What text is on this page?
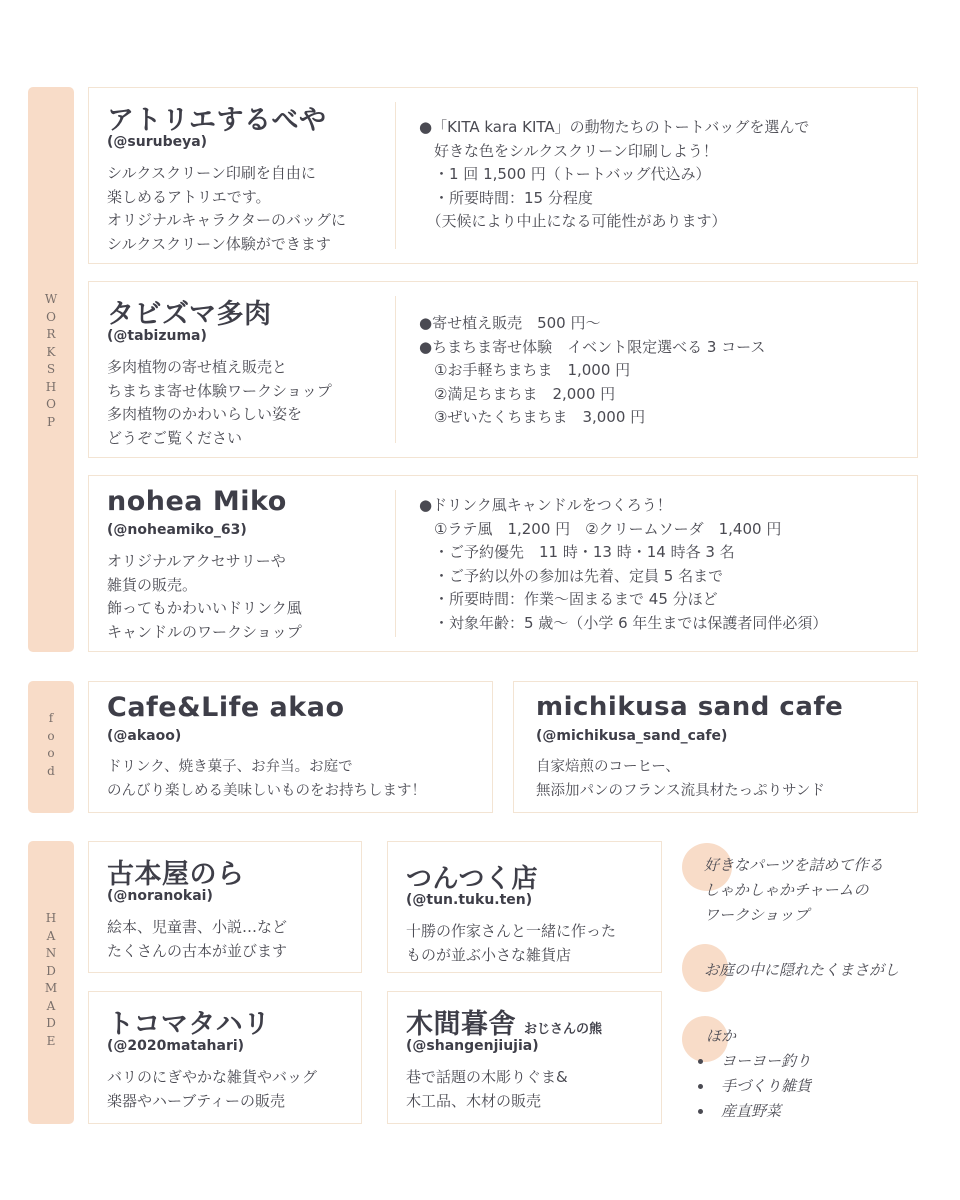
W
O
R
K
S
H
O
P
f
o
o
d
H
A
N
D
M
A
D
E
アトリエするべや
(@surubeya)
シルクスクリーン印刷を自由に
楽しめるアトリエです。
オリジナルキャラクターのバッグに
シルクスクリーン体験ができます
●「KITA kara KITA」の動物たちのトートバッグを選んで
　好きな色をシルクスクリーン印刷しよう！
　・1 回 1,500 円（トートバッグ代込み）
　・所要時間：15 分程度
　（天候により中止になる可能性があります）
タビズマ多肉
(@tabizuma)
多肉植物の寄せ植え販売と
ちまちま寄せ体験ワークショップ
多肉植物のかわいらしい姿を
どうぞご覧ください
●寄せ植え販売　500 円〜
●ちまちま寄せ体験　イベント限定選べる 3 コース
　①お手軽ちまちま　1,000 円
　②満足ちまちま　2,000 円
　③ぜいたくちまちま　3,000 円
nohea Miko
(@noheamiko_63)
オリジナルアクセサリーや
雑貨の販売。
飾ってもかわいいドリンク風
キャンドルのワークショップ
●ドリンク風キャンドルをつくろう！
　①ラテ風　1,200 円　②クリームソーダ　1,400 円
　・ご予約優先　11 時・13 時・14 時各 3 名
　・ご予約以外の参加は先着、定員 5 名まで
　・所要時間：作業〜固まるまで 45 分ほど
　・対象年齢：5 歳〜（小学 6 年生までは保護者同伴必須）
Cafe&Life akao
(@akaoo)
ドリンク、焼き菓子、お弁当。お庭で
のんびり楽しめる美味しいものをお持ちします！
michikusa sand cafe
(@michikusa_sand_cafe)
自家焙煎のコーヒー、
無添加パンのフランス流具材たっぷりサンド
古本屋のら
(@noranokai)
絵本、児童書、小説…など
たくさんの古本が並びます
つんつく店
(@tun.tuku.ten)
十勝の作家さんと一緒に作った
ものが並ぶ小さな雑貨店
トコマタハリ
(@2020matahari)
バリのにぎやかな雑貨やバッグ
楽器やハーブティーの販売
木間暮舎 おじさんの熊
(@shangenjiujia)
巷で話題の木彫りぐま&
木工品、木材の販売
好きなパーツを詰めて作る
しゃかしゃかチャームの
ワークショップ
お庭の中に隠れたくまさがし
ほか
ヨーヨー釣り
手づくり雑貨
産直野菜
